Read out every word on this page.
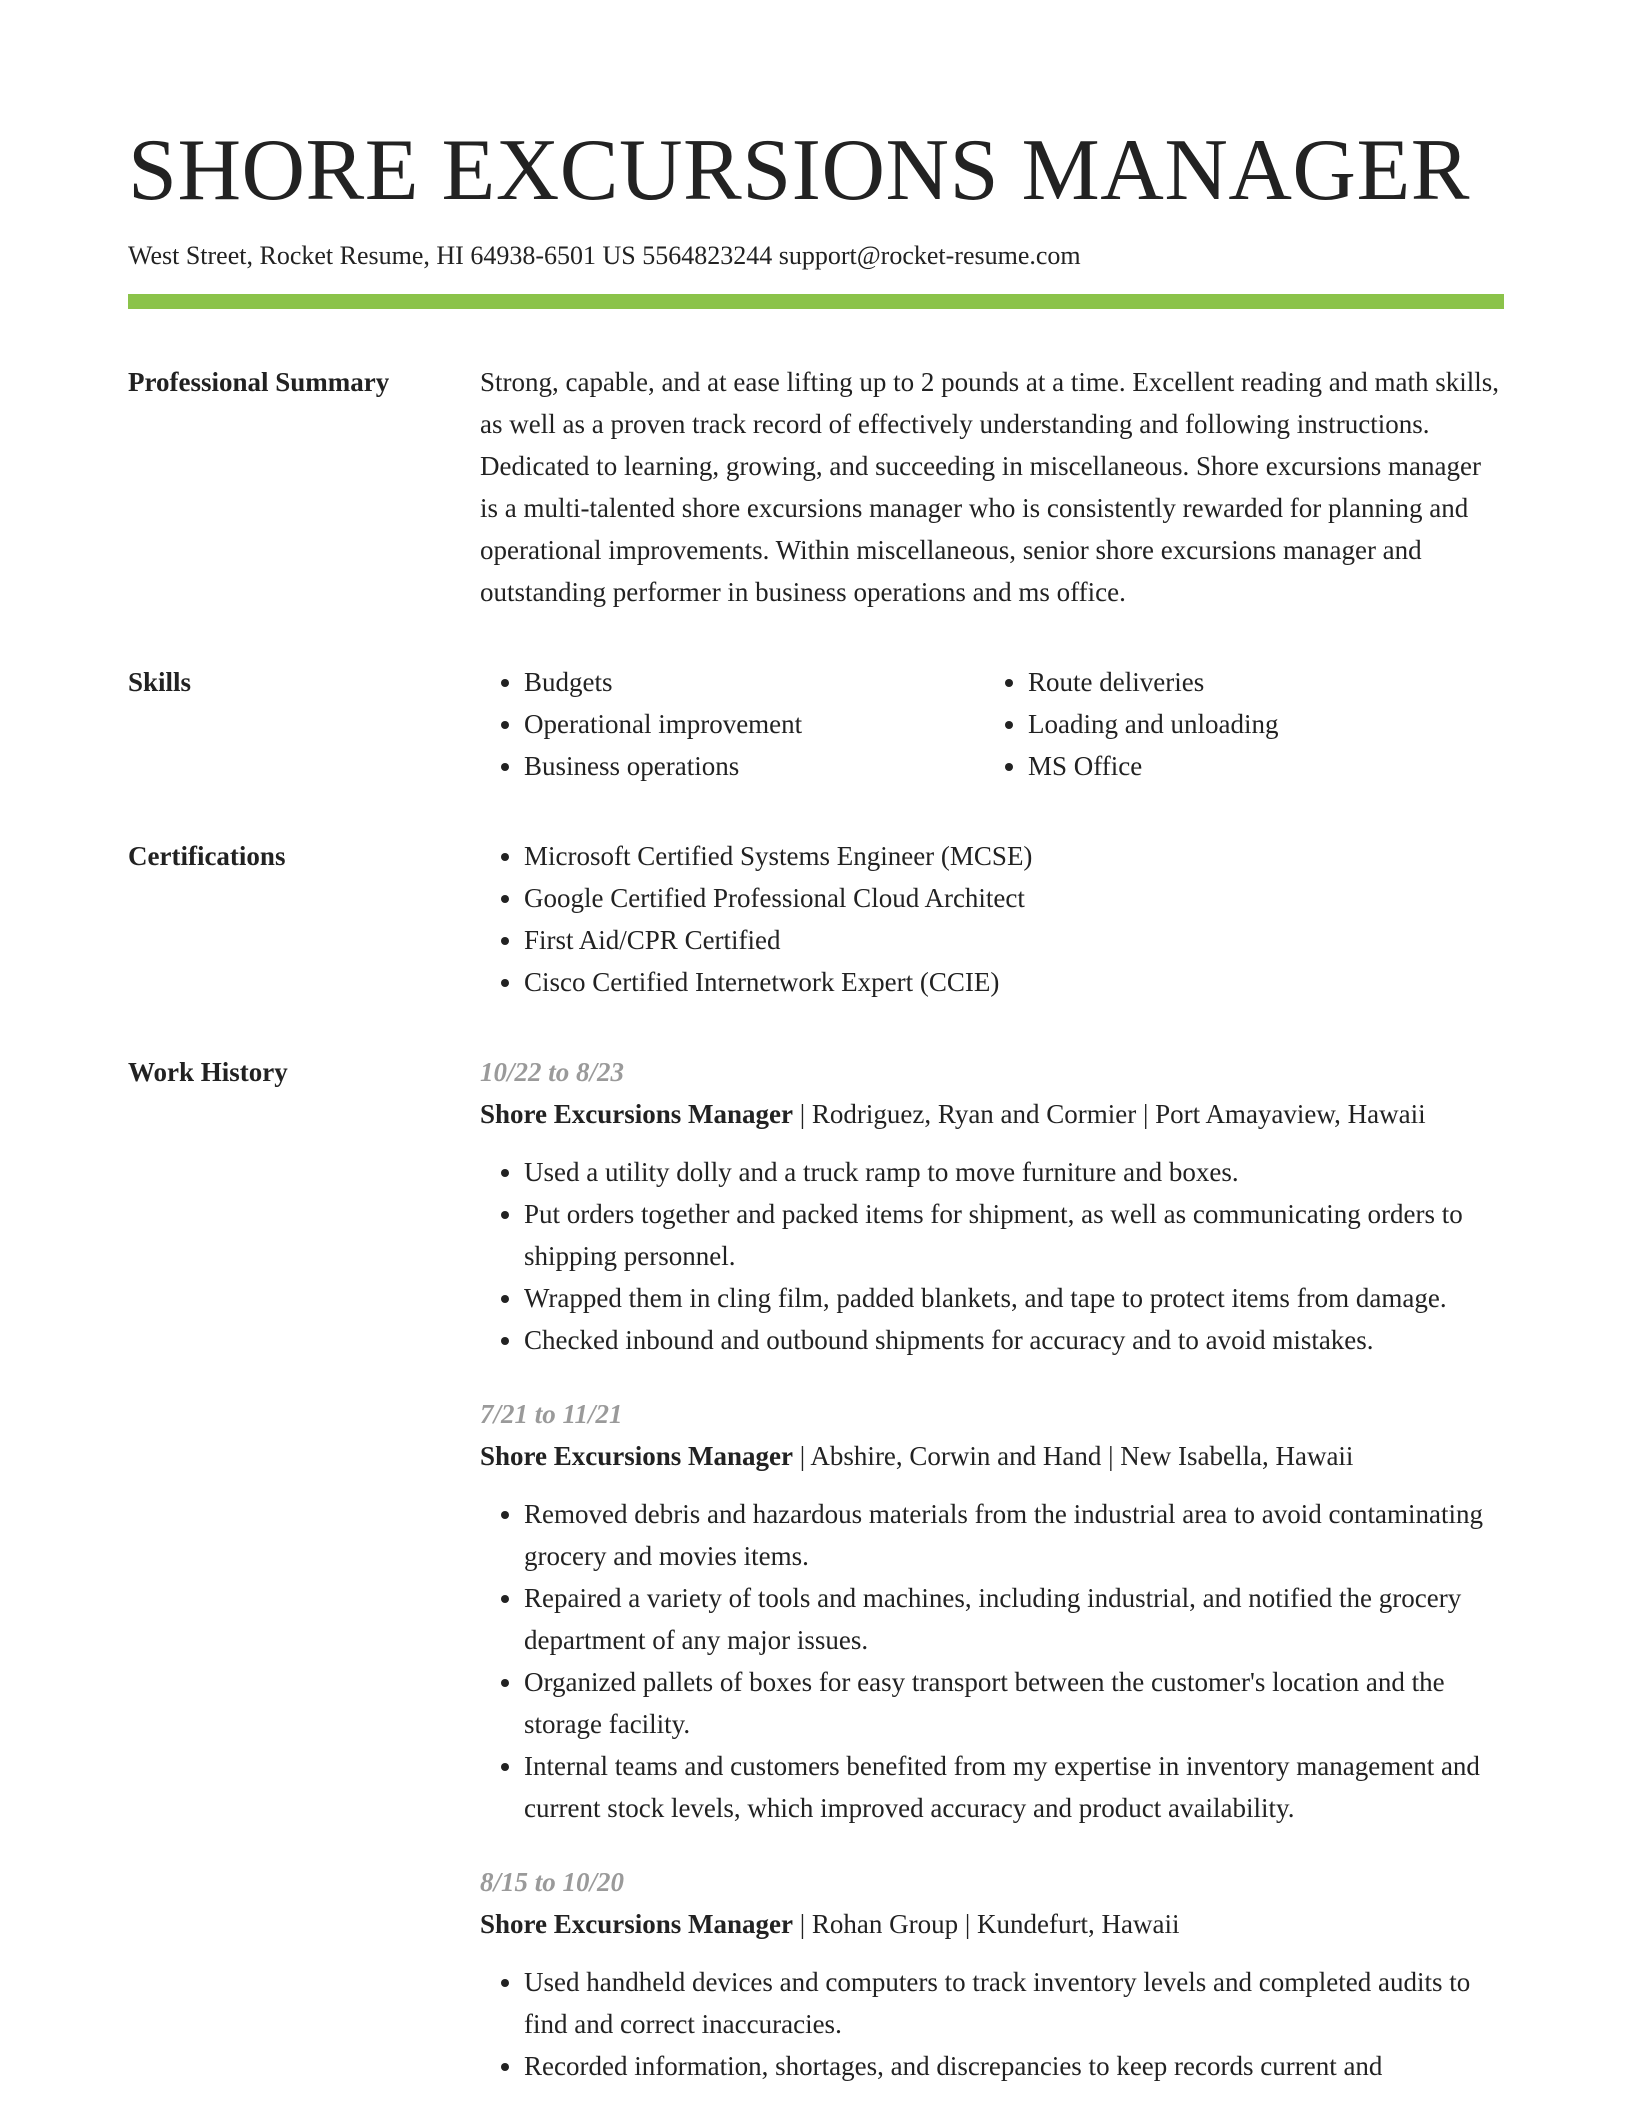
SHORE EXCURSIONS MANAGER
West Street, Rocket Resume, HI 64938-6501 US 5564823244 support@rocket-resume.com
Professional Summary	Strong, capable, and at ease lifting up to 2 pounds at a time. Excellent reading and math skills, as well as a proven track record of effectively understanding and following instructions. Dedicated to learning, growing, and succeeding in miscellaneous. Shore excursions manager is a multi-talented shore excursions manager who is consistently rewarded for planning and operational improvements. Within miscellaneous, senior shore excursions manager and outstanding performer in business operations and ms office.
Skills	• Budgets
• Operational improvement
• Business operations
• Route deliveries
• Loading and unloading
• MS Office
Certifications	• Microsoft Certified Systems Engineer (MCSE)
• Google Certified Professional Cloud Architect
• First Aid/CPR Certified
• Cisco Certified Internetwork Expert (CCIE)
Work History	10/22 to 8/23
Shore Excursions Manager | Rodriguez, Ryan and Cormier | Port Amayaview, Hawaii
• Used a utility dolly and a truck ramp to move furniture and boxes.
• Put orders together and packed items for shipment, as well as communicating orders to shipping personnel.
• Wrapped them in cling film, padded blankets, and tape to protect items from damage.
• Checked inbound and outbound shipments for accuracy and to avoid mistakes.
7/21 to 11/21
Shore Excursions Manager | Abshire, Corwin and Hand | New Isabella, Hawaii
• Removed debris and hazardous materials from the industrial area to avoid contaminating grocery and movies items.
• Repaired a variety of tools and machines, including industrial, and notified the grocery department of any major issues.
• Organized pallets of boxes for easy transport between the customer's location and the storage facility.
• Internal teams and customers benefited from my expertise in inventory management and current stock levels, which improved accuracy and product availability.
8/15 to 10/20
Shore Excursions Manager | Rohan Group | Kundefurt, Hawaii
• Used handheld devices and computers to track inventory levels and completed audits to find and correct inaccuracies.
• Recorded information, shortages, and discrepancies to keep records current and
